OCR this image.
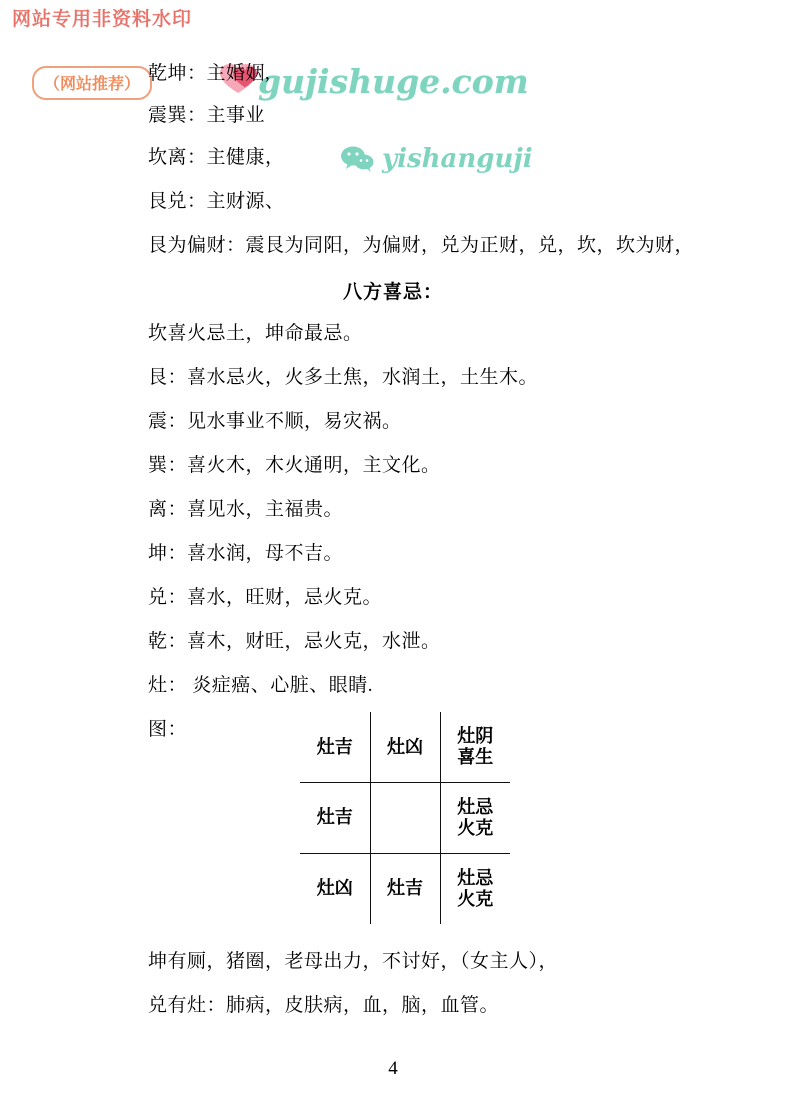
网站专用非资料水印
（网站推荐）	gujishuge.com
yishanguji
乾坤：主婚姻,
震巽：主事业
坎离：主健康，
艮兑：主财源、
艮为偏财：震艮为同阳，为偏财，兑为正财，兑，坎，坎为财，
八方喜忌：
坎喜火忌土，坤命最忌。
艮：喜水忌火，火多土焦，水润土，土生木。
震：见水事业不顺，易灾祸。
巽：喜火木，木火通明，主文化。
离：喜见水，主福贵。
坤：喜水润，母不吉。
兑：喜水，旺财，忌火克。
乾：喜木，财旺，忌火克，水泄。
灶： 炎症癌、心脏、眼睛.
图：
灶吉	灶凶	灶阴
喜生
灶吉		灶忌
火克
灶凶	灶吉	灶忌
火克
坤有厕，猪圈，老母出力，不讨好，（女主人），
兑有灶：肺病，皮肤病，血，脑，血管。
4
